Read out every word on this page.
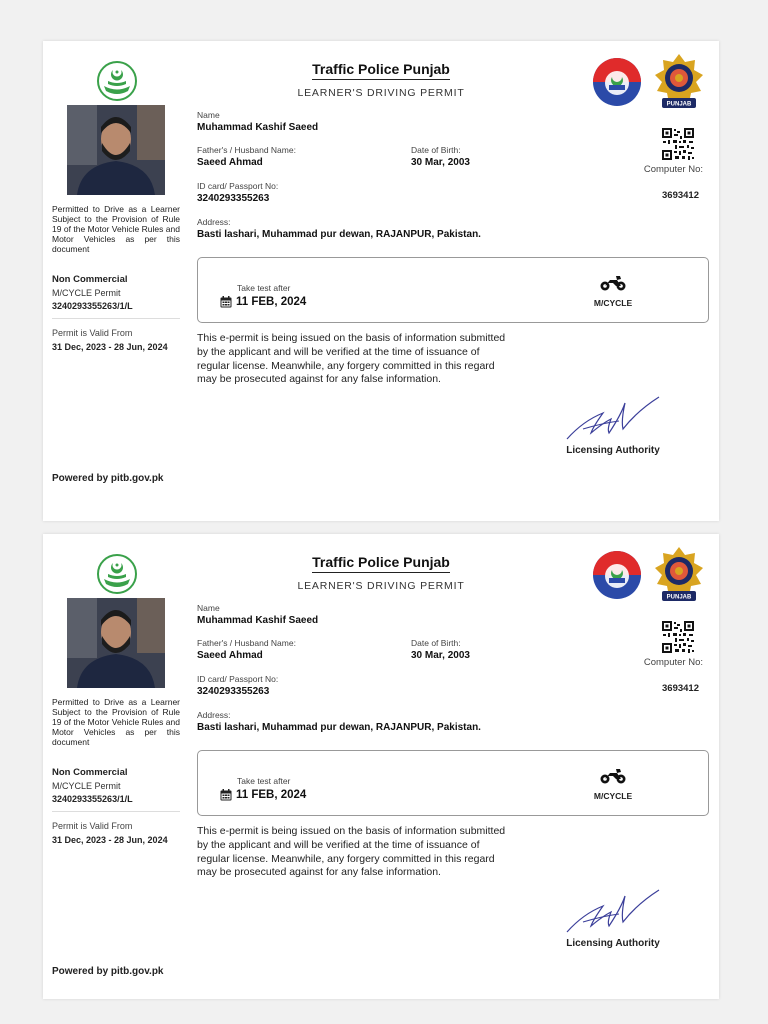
Traffic Police Punjab
LEARNER'S DRIVING PERMIT
PUNJAB
Permitted to Drive as a Learner Subject to the Provision of Rule 19 of the Motor Vehicle Rules and Motor Vehicles as per this document
Non Commercial
M/CYCLE Permit
3240293355263/1/L
Permit is Valid From
31 Dec, 2023 - 28 Jun, 2024
Name
Muhammad Kashif Saeed
Father's / Husband Name:
Saeed Ahmad
Date of Birth:
30 Mar, 2003
ID card/ Passport No:
3240293355263
Address:
Basti lashari, Muhammad pur dewan, RAJANPUR, Pakistan.
Computer No:
3693412
Take test after
11 FEB, 2024	M/CYCLE
This e-permit is being issued on the basis of information submitted by the applicant and will be verified at the time of issuance of regular license. Meanwhile, any forgery committed in this regard may be prosecuted against for any false information.
Licensing Authority
Powered by pitb.gov.pk
Traffic Police Punjab
LEARNER'S DRIVING PERMIT
PUNJAB
Permitted to Drive as a Learner Subject to the Provision of Rule 19 of the Motor Vehicle Rules and Motor Vehicles as per this document
Non Commercial
M/CYCLE Permit
3240293355263/1/L
Permit is Valid From
31 Dec, 2023 - 28 Jun, 2024
Name
Muhammad Kashif Saeed
Father's / Husband Name:
Saeed Ahmad
Date of Birth:
30 Mar, 2003
ID card/ Passport No:
3240293355263
Address:
Basti lashari, Muhammad pur dewan, RAJANPUR, Pakistan.
Computer No:
3693412
Take test after
11 FEB, 2024	M/CYCLE
This e-permit is being issued on the basis of information submitted by the applicant and will be verified at the time of issuance of regular license. Meanwhile, any forgery committed in this regard may be prosecuted against for any false information.
Licensing Authority
Powered by pitb.gov.pk
